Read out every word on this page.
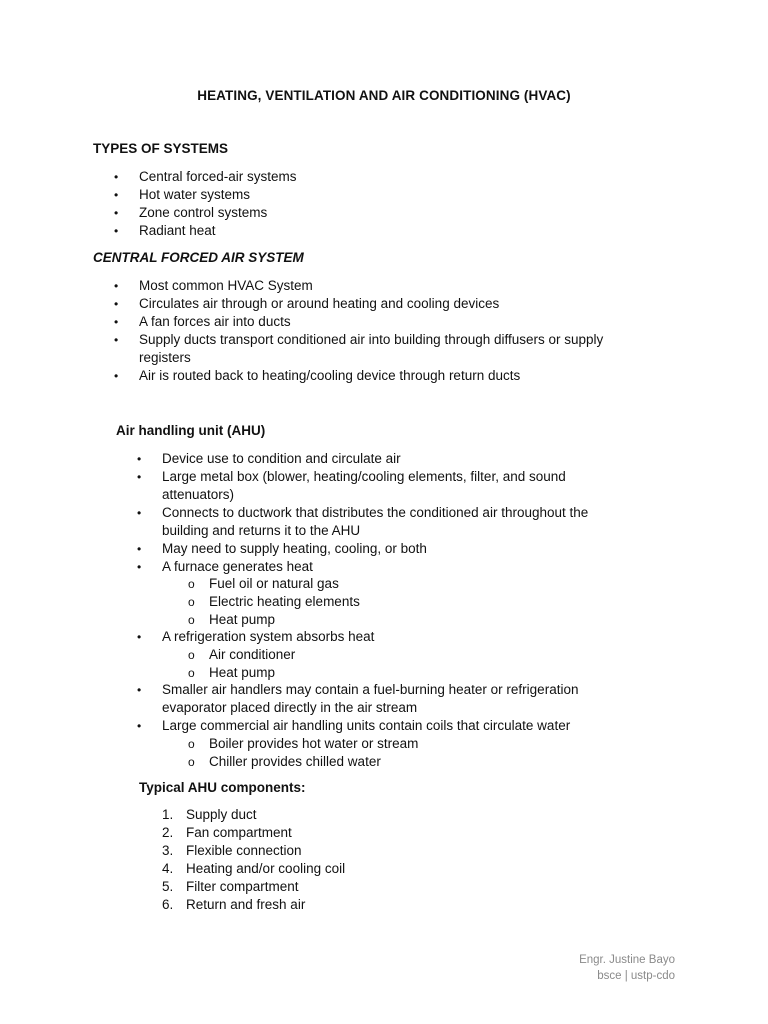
HEATING, VENTILATION AND AIR CONDITIONING (HVAC)
TYPES OF SYSTEMS
• Central forced-air systems
• Hot water systems
• Zone control systems
• Radiant heat
CENTRAL FORCED AIR SYSTEM
• Most common HVAC System
• Circulates air through or around heating and cooling devices
• A fan forces air into ducts
• Supply ducts transport conditioned air into building through diffusers or supply
registers
• Air is routed back to heating/cooling device through return ducts
Air handling unit (AHU)
• Device use to condition and circulate air
• Large metal box (blower, heating/cooling elements, filter, and sound
attenuators)
• Connects to ductwork that distributes the conditioned air throughout the
building and returns it to the AHU
• May need to supply heating, cooling, or both
• A furnace generates heat
o Fuel oil or natural gas
o Electric heating elements
o Heat pump
• A refrigeration system absorbs heat
o Air conditioner
o Heat pump
• Smaller air handlers may contain a fuel-burning heater or refrigeration
evaporator placed directly in the air stream
• Large commercial air handling units contain coils that circulate water
o Boiler provides hot water or stream
o Chiller provides chilled water
Typical AHU components:
1. Supply duct
2. Fan compartment
3. Flexible connection
4. Heating and/or cooling coil
5. Filter compartment
6. Return and fresh air
Engr. Justine Bayo
bsce | ustp-cdo
